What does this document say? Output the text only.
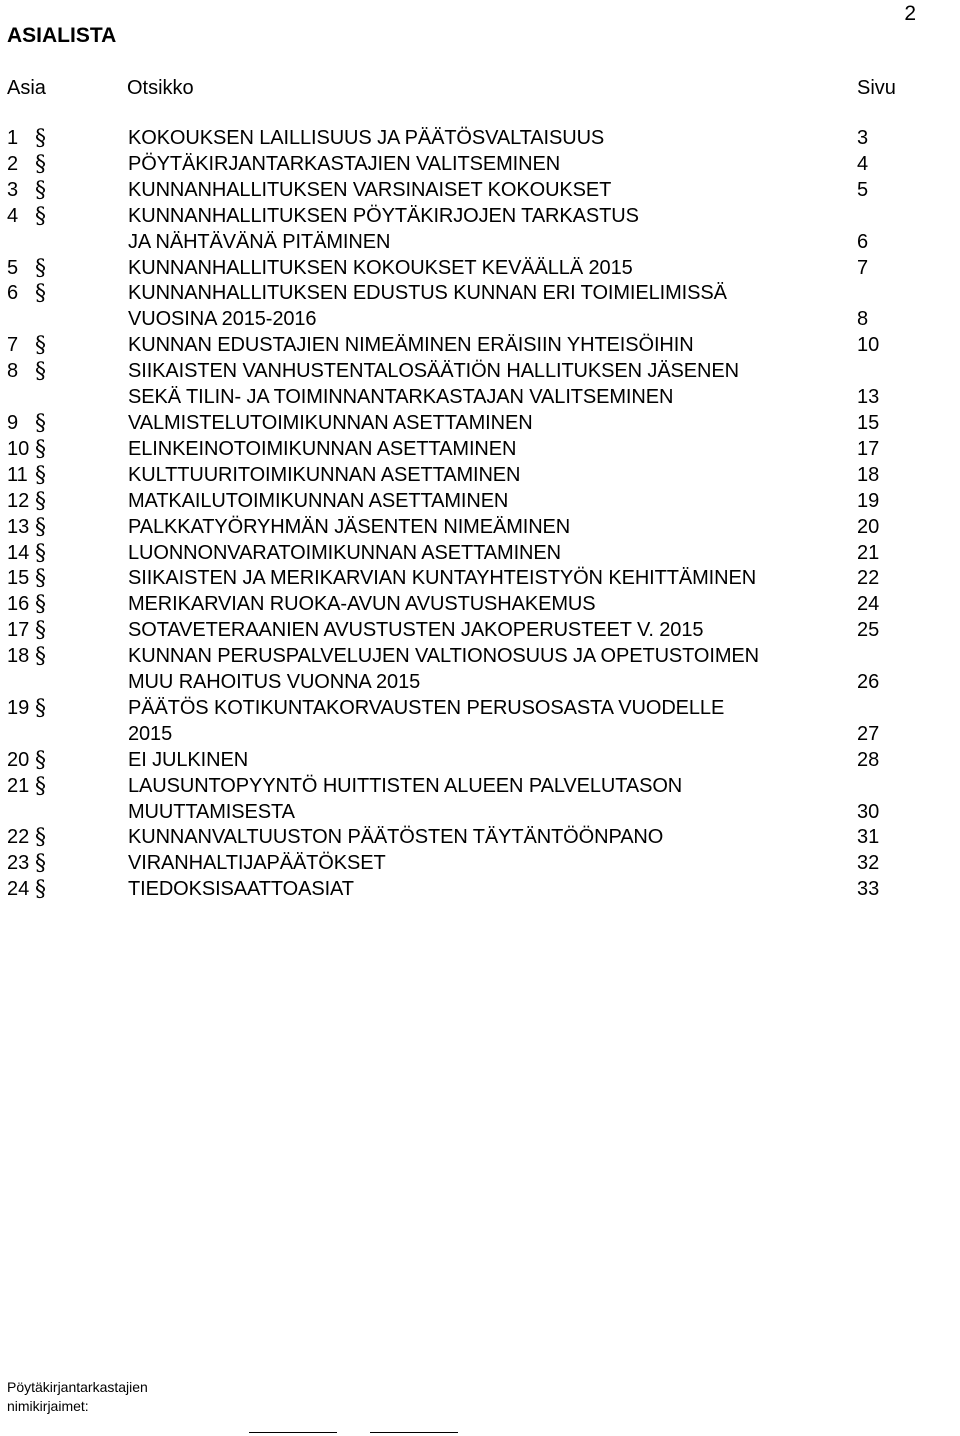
2
ASIALISTA
Asia	Otsikko	Sivu
1 §	KOKOUKSEN LAILLISUUS JA PÄÄTÖSVALTAISUUS	3
2 §	PÖYTÄKIRJANTARKASTAJIEN VALITSEMINEN	4
3 §	KUNNANHALLITUKSEN VARSINAISET KOKOUKSET	5
4 §	KUNNANHALLITUKSEN PÖYTÄKIRJOJEN TARKASTUS
JA NÄHTÄVÄNÄ PITÄMINEN	6
5 §	KUNNANHALLITUKSEN KOKOUKSET KEVÄÄLLÄ 2015	7
6 §	KUNNANHALLITUKSEN EDUSTUS KUNNAN ERI TOIMIELIMISSÄ
VUOSINA 2015-2016	8
7 §	KUNNAN EDUSTAJIEN NIMEÄMINEN ERÄISIIN YHTEISÖIHIN	10
8 §	SIIKAISTEN VANHUSTENTALOSÄÄTIÖN HALLITUKSEN JÄSENEN
SEKÄ TILIN- JA TOIMINNANTARKASTAJAN VALITSEMINEN	13
9 §	VALMISTELUTOIMIKUNNAN ASETTAMINEN	15
10 §	ELINKEINOTOIMIKUNNAN ASETTAMINEN	17
11 §	KULTTUURITOIMIKUNNAN ASETTAMINEN	18
12 §	MATKAILUTOIMIKUNNAN ASETTAMINEN	19
13 §	PALKKATYÖRYHMÄN JÄSENTEN NIMEÄMINEN	20
14 §	LUONNONVARATOIMIKUNNAN ASETTAMINEN	21
15 §	SIIKAISTEN JA MERIKARVIAN KUNTAYHTEISTYÖN KEHITTÄMINEN	22
16 §	MERIKARVIAN RUOKA-AVUN AVUSTUSHAKEMUS	24
17 §	SOTAVETERAANIEN AVUSTUSTEN JAKOPERUSTEET V. 2015	25
18 §	KUNNAN PERUSPALVELUJEN VALTIONOSUUS JA OPETUSTOIMEN
MUU RAHOITUS VUONNA 2015	26
19 §	PÄÄTÖS KOTIKUNTAKORVAUSTEN PERUSOSASTA VUODELLE
2015	27
20 §	EI JULKINEN	28
21 §	LAUSUNTOPYYNTÖ HUITTISTEN ALUEEN PALVELUTASON
MUUTTAMISESTA	30
22 §	KUNNANVALTUUSTON PÄÄTÖSTEN TÄYTÄNTÖÖNPANO	31
23 §	VIRANHALTIJAPÄÄTÖKSET	32
24 §	TIEDOKSISAATTOASIAT	33
Pöytäkirjantarkastajien
nimikirjaimet:
